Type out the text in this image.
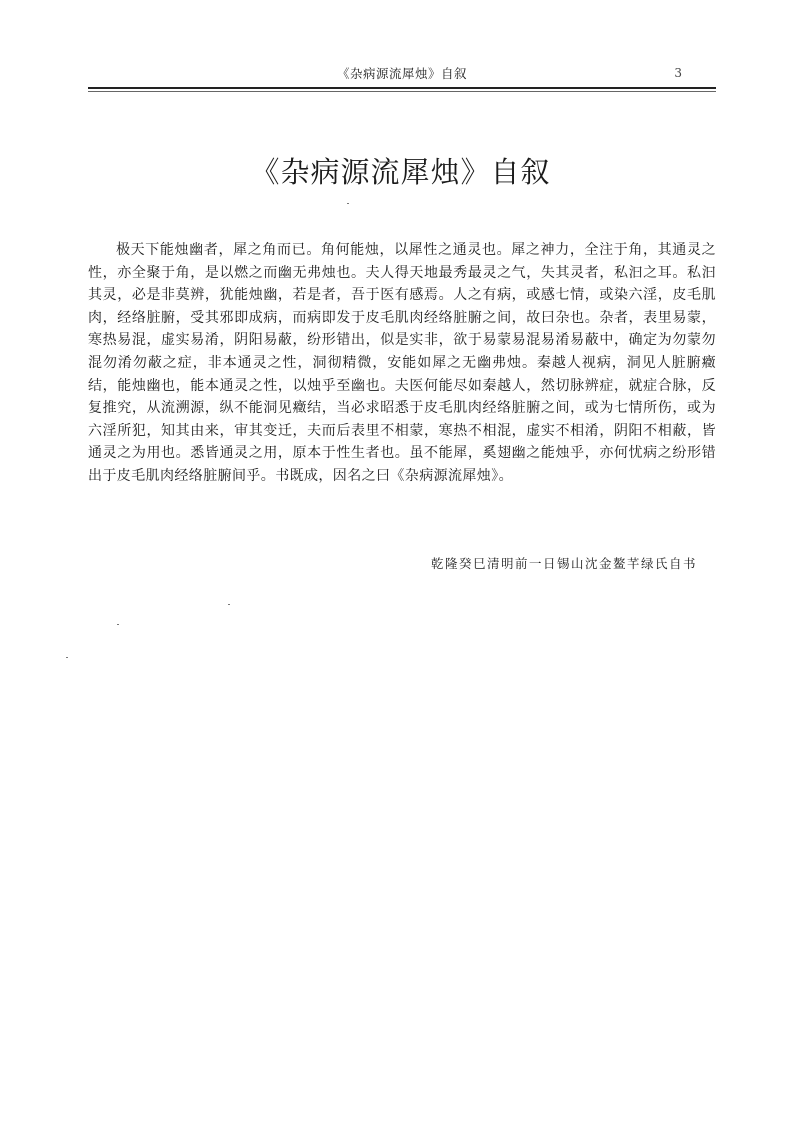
《杂病源流犀烛》自叙	3
《杂病源流犀烛》自叙

极天下能烛幽者，犀之角而已。角何能烛，以犀性之通灵也。犀之神力，全注于角，其通灵之性，亦全聚于角，是以燃之而幽无弗烛也。夫人得天地最秀最灵之气，失其灵者，私汩之耳。私汩其灵，必是非莫辨，犹能烛幽，若是者，吾于医有感焉。人之有病，或感七情，或染六淫，皮毛肌肉，经络脏腑，受其邪即成病，而病即发于皮毛肌肉经络脏腑之间，故曰杂也。杂者，表里易蒙，寒热易混，虚实易淆，阴阳易蔽，纷形错出，似是实非，欲于易蒙易混易淆易蔽中，确定为勿蒙勿混勿淆勿蔽之症，非本通灵之性，洞彻精微，安能如犀之无幽弗烛。秦越人视病，洞见人脏腑癥结，能烛幽也，能本通灵之性，以烛乎至幽也。夫医何能尽如秦越人，然切脉辨症，就症合脉，反复推究，从流溯源，纵不能洞见癥结，当必求昭悉于皮毛肌肉经络脏腑之间，或为七情所伤，或为六淫所犯，知其由来，审其变迁，夫而后表里不相蒙，寒热不相混，虚实不相淆，阴阳不相蔽，皆通灵之为用也。悉皆通灵之用，原本于性生者也。虽不能犀，奚翅幽之能烛乎，亦何忧病之纷形错出于皮毛肌肉经络脏腑间乎。书既成，因名之曰《杂病源流犀烛》。

乾隆癸巳清明前一日锡山沈金鳌芊绿氏自书
